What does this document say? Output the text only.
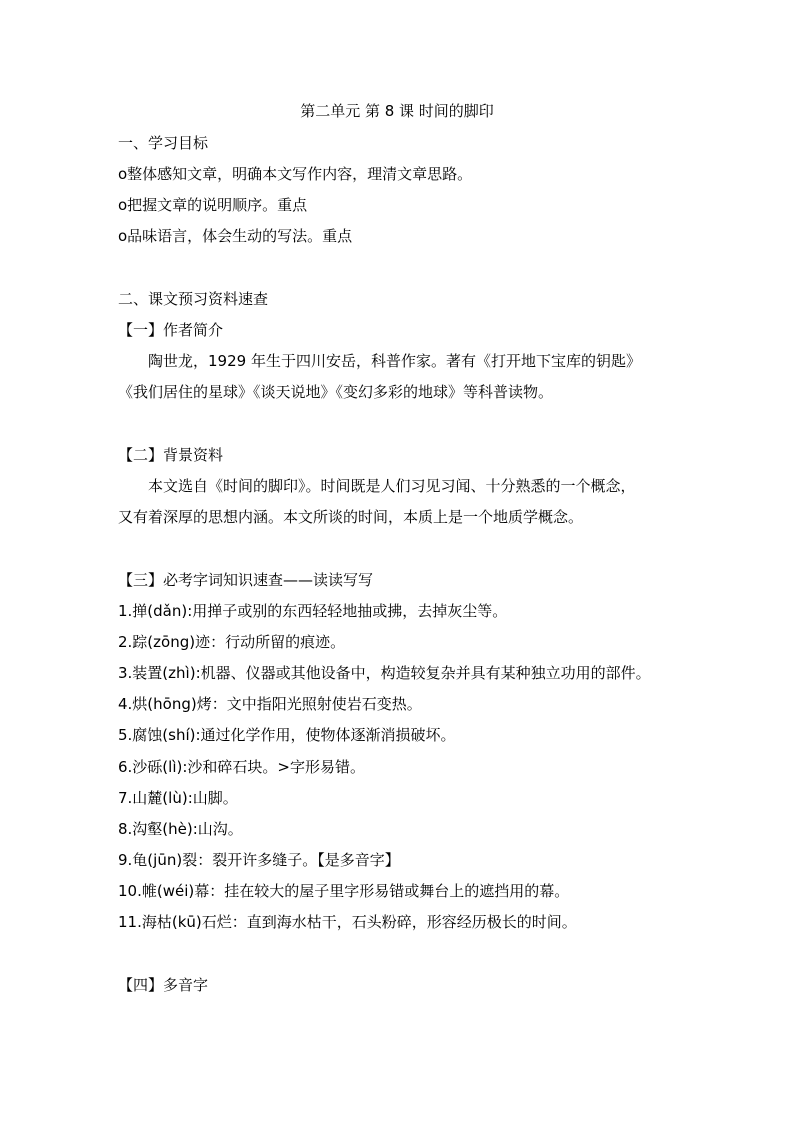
第二单元 第 8 课 时间的脚印
一、学习目标
o整体感知文章，明确本文写作内容，理清文章思路。
o把握文章的说明顺序。重点
o品味语言，体会生动的写法。重点
二、课文预习资料速查
【一】作者简介
陶世龙，1929 年生于四川安岳，科普作家。著有《打开地下宝库的钥匙》
《我们居住的星球》《谈天说地》《变幻多彩的地球》等科普读物。
【二】背景资料
本文选自《时间的脚印》。时间既是人们习见习闻、十分熟悉的一个概念，
又有着深厚的思想内涵。本文所谈的时间，本质上是一个地质学概念。
【三】必考字词知识速查——读读写写
1.掸(dǎn):用掸子或别的东西轻轻地抽或拂，去掉灰尘等。
2.踪(zōng)迹：行动所留的痕迹。
3.装置(zhì):机器、仪器或其他设备中，构造较复杂并具有某种独立功用的部件。
4.烘(hōng)烤：文中指阳光照射使岩石变热。
5.腐蚀(shí):通过化学作用，使物体逐渐消损破坏。
6.沙砾(lì):沙和碎石块。>字形易错。
7.山麓(lù):山脚。
8.沟壑(hè):山沟。
9.龟(jūn)裂：裂开许多缝子。【是多音字】
10.帷(wéi)幕：挂在较大的屋子里字形易错或舞台上的遮挡用的幕。
11.海枯(kū)石烂：直到海水枯干，石头粉碎，形容经历极长的时间。
【四】多音字
